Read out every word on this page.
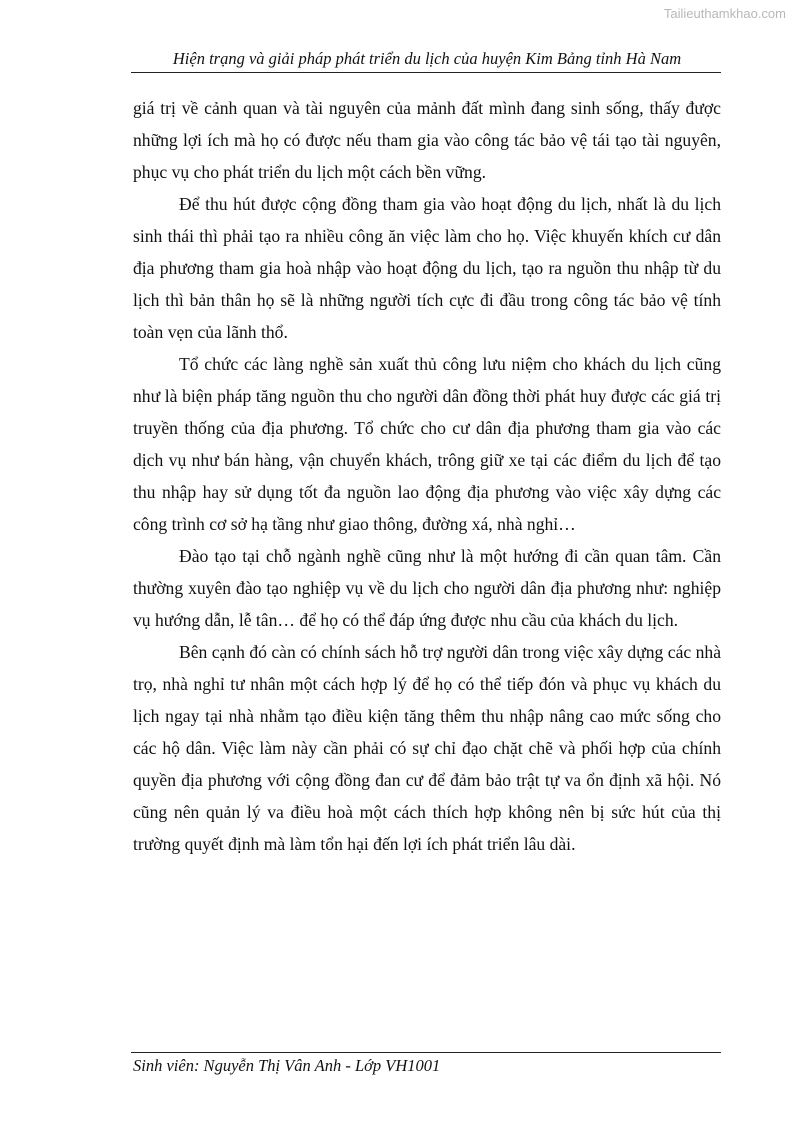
Tailieuthamkhao.com
Hiện trạng và giải pháp phát triển du lịch của huyện Kim Bảng tỉnh Hà Nam

giá trị về cảnh quan và tài nguyên của mảnh đất mình đang sinh sống, thấy được những lợi ích mà họ có được nếu tham gia vào công tác bảo vệ tái tạo tài nguyên, phục vụ cho phát triển du lịch một cách bền vững.

Để thu hút được cộng đồng tham gia vào hoạt động du lịch, nhất là du lịch sinh thái thì phải tạo ra nhiều công ăn việc làm cho họ. Việc khuyến khích cư dân địa phương tham gia hoà nhập vào hoạt động du lịch, tạo ra nguồn thu nhập từ du lịch thì bản thân họ sẽ là những người tích cực đi đầu trong công tác bảo vệ tính toàn vẹn của lãnh thổ.

Tổ chức các làng nghề sản xuất thủ công lưu niệm cho khách du lịch cũng như là biện pháp tăng nguồn thu cho người dân đồng thời phát huy được các giá trị truyền thống của địa phương. Tổ chức cho cư dân địa phương tham gia vào các dịch vụ như bán hàng, vận chuyển khách, trông giữ xe tại các điểm du lịch để tạo thu nhập hay sử dụng tốt đa nguồn lao động địa phương vào việc xây dựng các công trình cơ sở hạ tầng như giao thông, đường xá, nhà nghỉ…

Đào tạo tại chỗ ngành nghề cũng như là một hướng đi cần quan tâm. Cần thường xuyên đào tạo nghiệp vụ về du lịch cho người dân địa phương như: nghiệp vụ hướng dẫn, lễ tân… để họ có thể đáp ứng được nhu cầu của khách du lịch.

Bên cạnh đó càn có chính sách hỗ trợ người dân trong việc xây dựng các nhà trọ, nhà nghỉ tư nhân một cách hợp lý để họ có thể tiếp đón và phục vụ khách du lịch ngay tại nhà nhằm tạo điều kiện tăng thêm thu nhập nâng cao mức sống cho các hộ dân. Việc làm này cần phải có sự chỉ đạo chặt chẽ và phối hợp của chính quyền địa phương với cộng đồng đan cư để đảm bảo trật tự va ổn định xã hội. Nó cũng nên quản lý va điều hoà một cách thích hợp không nên bị sức hút của thị trường quyết định mà làm tổn hại đến lợi ích phát triển lâu dài.

Sinh viên: Nguyễn Thị Vân Anh - Lớp VH1001
